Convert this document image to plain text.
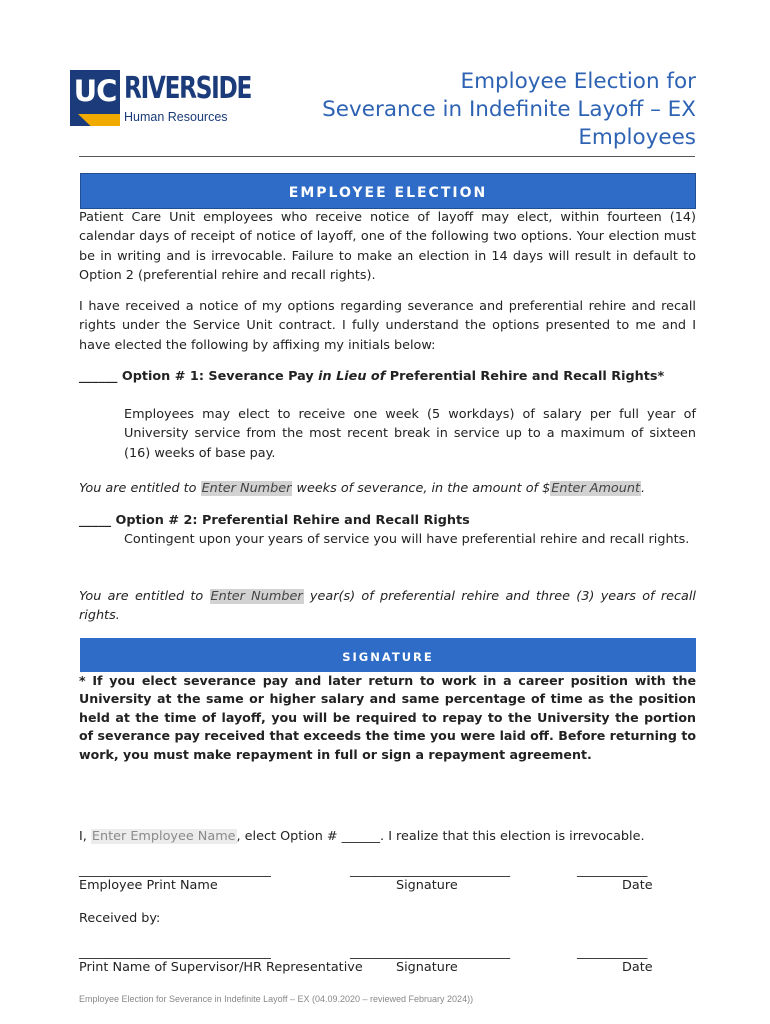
UC RIVERSIDE
Human Resources
Employee Election for
Severance in Indefinite Layoff – EX
Employees
EMPLOYEE ELECTION
Patient Care Unit employees who receive notice of layoff may elect, within fourteen (14) calendar days of receipt of notice of layoff, one of the following two options. Your election must be in writing and is irrevocable. Failure to make an election in 14 days will result in default to Option 2 (preferential rehire and recall rights).
I have received a notice of my options regarding severance and preferential rehire and recall rights under the Service Unit contract. I fully understand the options presented to me and I have elected the following by affixing my initials below:
______ Option # 1: Severance Pay in Lieu of Preferential Rehire and Recall Rights*
Employees may elect to receive one week (5 workdays) of salary per full year of University service from the most recent break in service up to a maximum of sixteen (16) weeks of base pay.
You are entitled to Enter Number weeks of severance, in the amount of $Enter Amount.
_____ Option # 2: Preferential Rehire and Recall Rights
Contingent upon your years of service you will have preferential rehire and recall rights.
You are entitled to Enter Number year(s) of preferential rehire and three (3) years of recall rights.
SIGNATURE
* If you elect severance pay and later return to work in a career position with the University at the same or higher salary and same percentage of time as the position held at the time of layoff, you will be required to repay to the University the portion of severance pay received that exceeds the time you were laid off. Before returning to work, you must make repayment in full or sign a repayment agreement.
I, Enter Employee Name, elect Option # ______. I realize that this election is irrevocable.
______________________________	_________________________	___________
Employee Print Name	Signature	Date
Received by:
______________________________	_________________________	___________
Print Name of Supervisor/HR Representative	Signature	Date
Employee Election for Severance in Indefinite Layoff – EX (04.09.2020 – reviewed February 2024))
